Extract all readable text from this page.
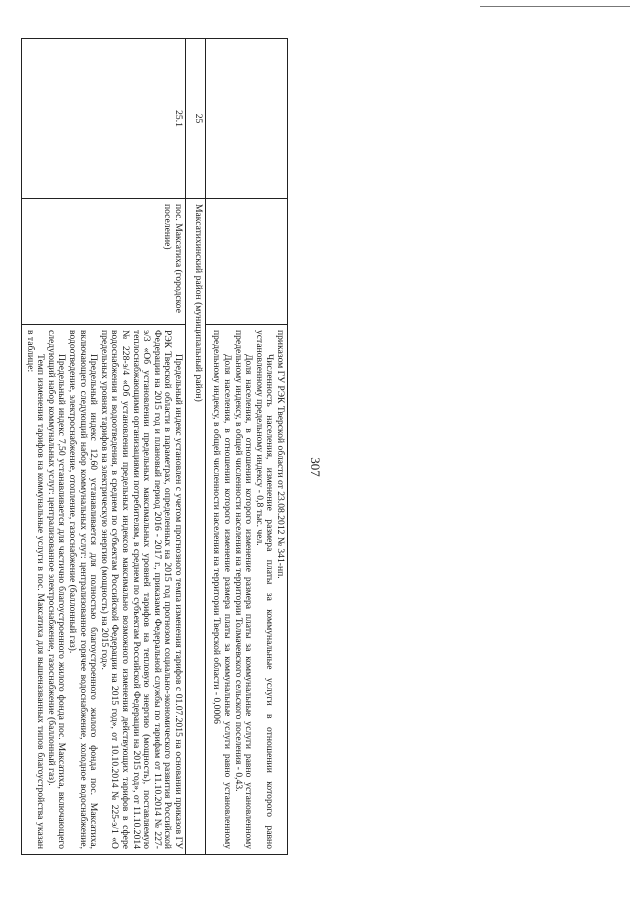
307

		приказом ГУ РЭК Тверской области от 23.08.2012 № 341-нп.

Численность населения, изменение размера платы за коммунальные услуги в отношении которого равно установленному предельному индексу - 0,8 тыс. чел.

Доля населения, в отношении которого изменение размера платы за коммунальные услуги равно установленному предельному индексу, в общей численности населения на территории Толмачевского сельского поселения - 0,43.

Доля населения, в отношении которого изменение размера платы за коммунальные услуги равно установленному предельному индексу, в общей численности населения на территории Тверской области - 0,0006

25	Максатихинский район (муниципальный район)	
25.1	пос. Максатиха (городское поселение)	Предельный индекс установлен с учетом прогнозного темпа изменения тарифов с 01.07.2015 на основании приказов ГУ РЭК Тверской области в параметрах, определенных на 2015 год прогнозом социально-экономического развития Российской Федерации на 2015 год и плановый период 2016 - 2017 г., приказами Федеральной службы по тарифам от 11.10.2014 № 227-э/3 «Об установлении предельных максимальных уровней тарифов на тепловую энергию (мощность), поставляемую теплоснабжающими организациями потребителям, в среднем по субъектам Российской Федерации на 2015 год», от 11.10.2014 № 228-э/4 «Об установлении предельных индексов максимально возможного изменения действующих тарифов в сфере водоснабжения и водоотведения, в среднем по субъектам Российской Федерации на 2015 год», от 10.10.2014 № 225-э/1 «О предельных уровнях тарифов на электрическую энергию (мощность) на 2015 год».

Предельный индекс 12,60 устанавливается для полностью благоустроенного жилого фонда пос. Максатиха, включающего следующий набор коммунальных услуг: централизованное горячее водоснабжение, холодное водоснабжение, водоотведение, электроснабжение, отопление, газоснабжение (баллонный газ).

Предельный индекс 7,50 устанавливается для частично благоустроенного жилого фонда пос. Максатиха, включающего следующий набор коммунальных услуг: централизованное электроснабжение, газоснабжение (баллонный газ).

Темп изменения тарифов на коммунальные услуги в пос. Максатиха для вышеназванных типов благоустройства указан в таблице:
